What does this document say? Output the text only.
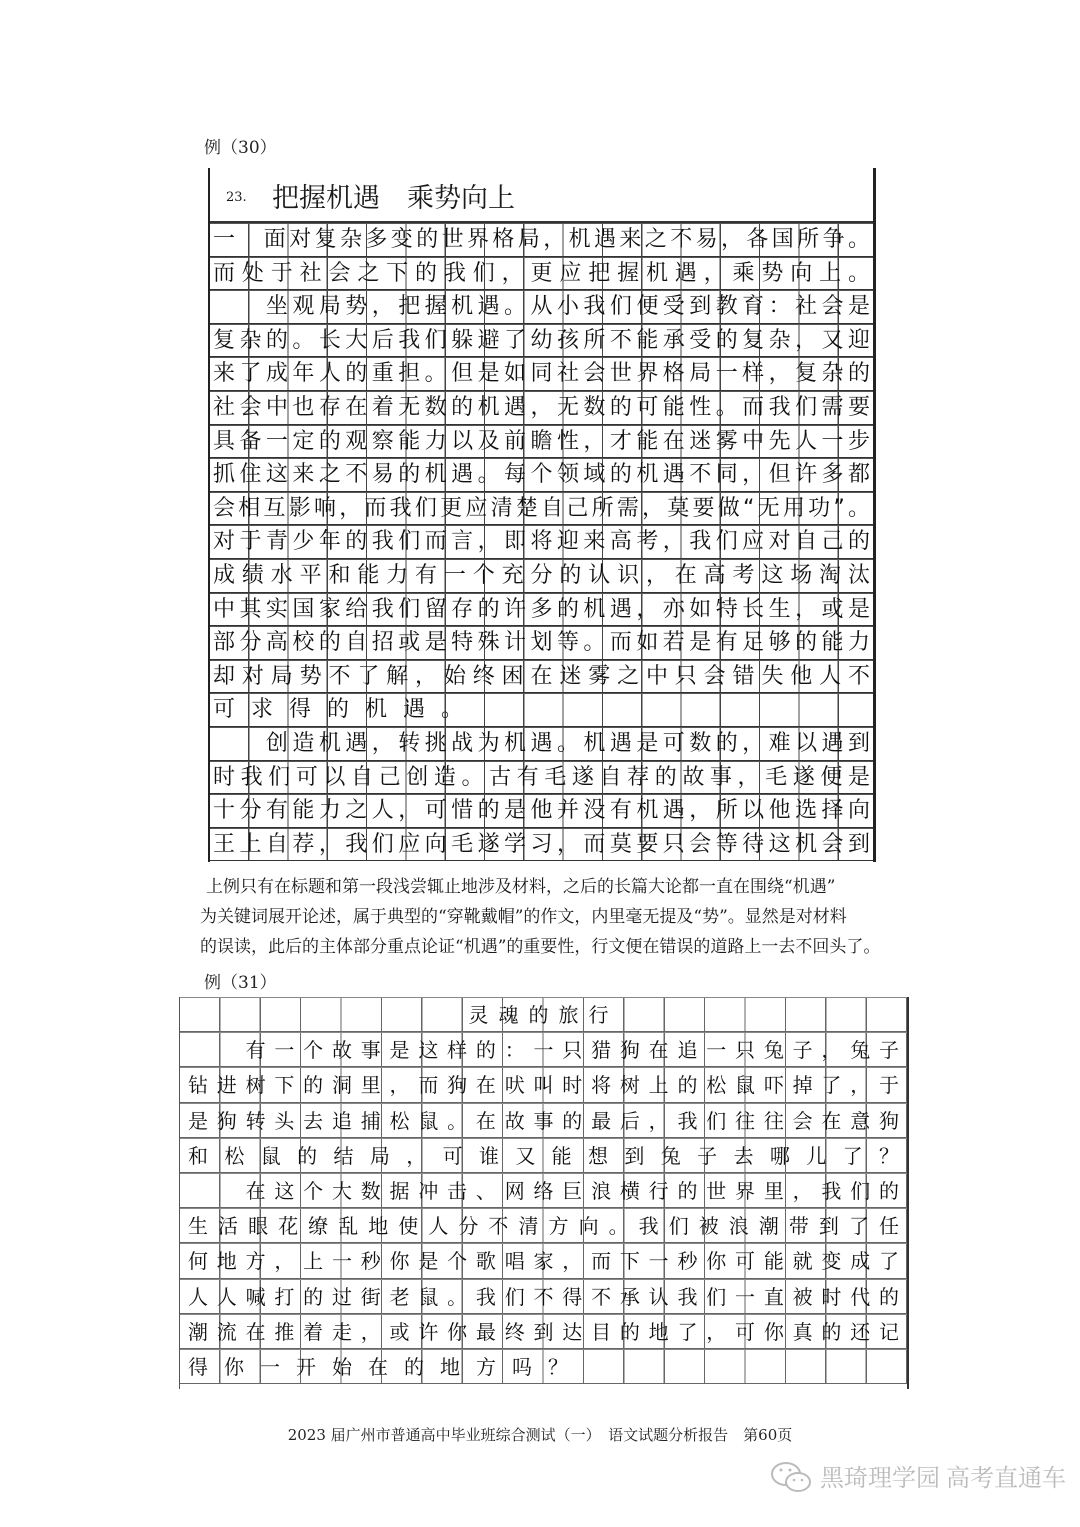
例（30）
23. 把握机遇　乘势向上
一　面对复杂多变的世界格局，机遇来之不易，各国所争。
而处于社会之下的我们，更应把握机遇，乘势向上。
　　坐观局势，把握机遇。从小我们便受到教育：社会是
复杂的。长大后我们躲避了幼孩所不能承受的复杂，又迎
来了成年人的重担。但是如同社会世界格局一样，复杂的
社会中也存在着无数的机遇，无数的可能性。而我们需要
具备一定的观察能力以及前瞻性，才能在迷雾中先人一步
抓住这来之不易的机遇。每个领域的机遇不同，但许多都
会相互影响，而我们更应清楚自己所需，莫要做“无用功”。
对于青少年的我们而言，即将迎来高考，我们应对自己的
成绩水平和能力有一个充分的认识，在高考这场淘汰
中其实国家给我们留存的许多的机遇，亦如特长生，或是
部分高校的自招或是特殊计划等。而如若是有足够的能力
却对局势不了解，始终困在迷雾之中只会错失他人不
可求得的机遇。
　　创造机遇，转挑战为机遇。机遇是可数的，难以遇到
时我们可以自己创造。古有毛遂自荐的故事，毛遂便是
十分有能力之人，可惜的是他并没有机遇，所以他选择向
王上自荐，我们应向毛遂学习，而莫要只会等待这机会到
上例只有在标题和第一段浅尝辄止地涉及材料，之后的长篇大论都一直在围绕“机遇”
为关键词展开论述，属于典型的“穿靴戴帽”的作文，内里毫无提及“势”。显然是对材料
的误读，此后的主体部分重点论证“机遇”的重要性，行文便在错误的道路上一去不回头了。
例（31）
灵魂的旅行
　　有一个故事是这样的：一只猎狗在追一只兔子，兔子
钻进树下的洞里，而狗在吠叫时将树上的松鼠吓掉了，于
是狗转头去追捕松鼠。在故事的最后，我们往往会在意狗
和松鼠的结局，可谁又能想到兔子去哪儿了？
　　在这个大数据冲击、网络巨浪横行的世界里，我们的
生活眼花缭乱地使人分不清方向。我们被浪潮带到了任
何地方，上一秒你是个歌唱家，而下一秒你可能就变成了
人人喊打的过街老鼠。我们不得不承认我们一直被时代的
潮流在推着走，或许你最终到达目的地了，可你真的还记
得你一开始在的地方吗？
2023 届广州市普通高中毕业班综合测试（一）　语文试题分析报告　第60页
黑琦理学园 高考直通车
